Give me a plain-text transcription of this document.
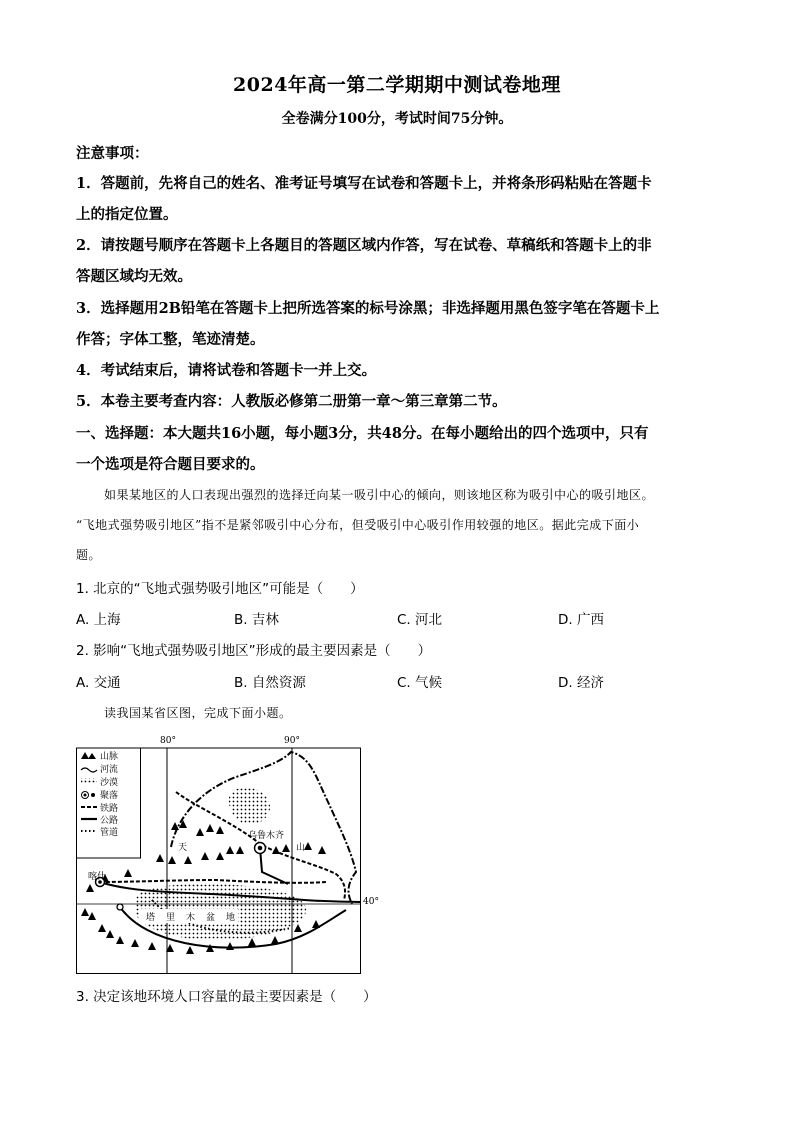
2024年高一第二学期期中测试卷地理
全卷满分100分，考试时间75分钟。
注意事项：
1．答题前，先将自己的姓名、准考证号填写在试卷和答题卡上，并将条形码粘贴在答题卡
上的指定位置。
2．请按题号顺序在答题卡上各题目的答题区域内作答，写在试卷、草稿纸和答题卡上的非
答题区域均无效。
3．选择题用2B铅笔在答题卡上把所选答案的标号涂黑；非选择题用黑色签字笔在答题卡上
作答；字体工整，笔迹清楚。
4．考试结束后，请将试卷和答题卡一并上交。
5．本卷主要考查内容：人教版必修第二册第一章～第三章第二节。
一、选择题：本大题共16小题，每小题3分，共48分。在每小题给出的四个选项中，只有
一个选项是符合题目要求的。
如果某地区的人口表现出强烈的选择迁向某一吸引中心的倾向，则该地区称为吸引中心的吸引地区。
“飞地式强势吸引地区”指不是紧邻吸引中心分布，但受吸引中心吸引作用较强的地区。据此完成下面小
题。
1. 北京的“飞地式强势吸引地区”可能是（　　）
A. 上海	B. 吉林	C. 河北	D. 广西
2. 影响“飞地式强势吸引地区”形成的最主要因素是（　　）
A. 交通	B. 自然资源	C. 气候	D. 经济
读我国某省区图，完成下面小题。
山脉
河流
沙漠
聚落
铁路
公路
管道
80°	90°
40°
乌鲁木齐
喀什
天	山
塔 里 木 盆 地
3. 决定该地环境人口容量的最主要因素是（　　）
